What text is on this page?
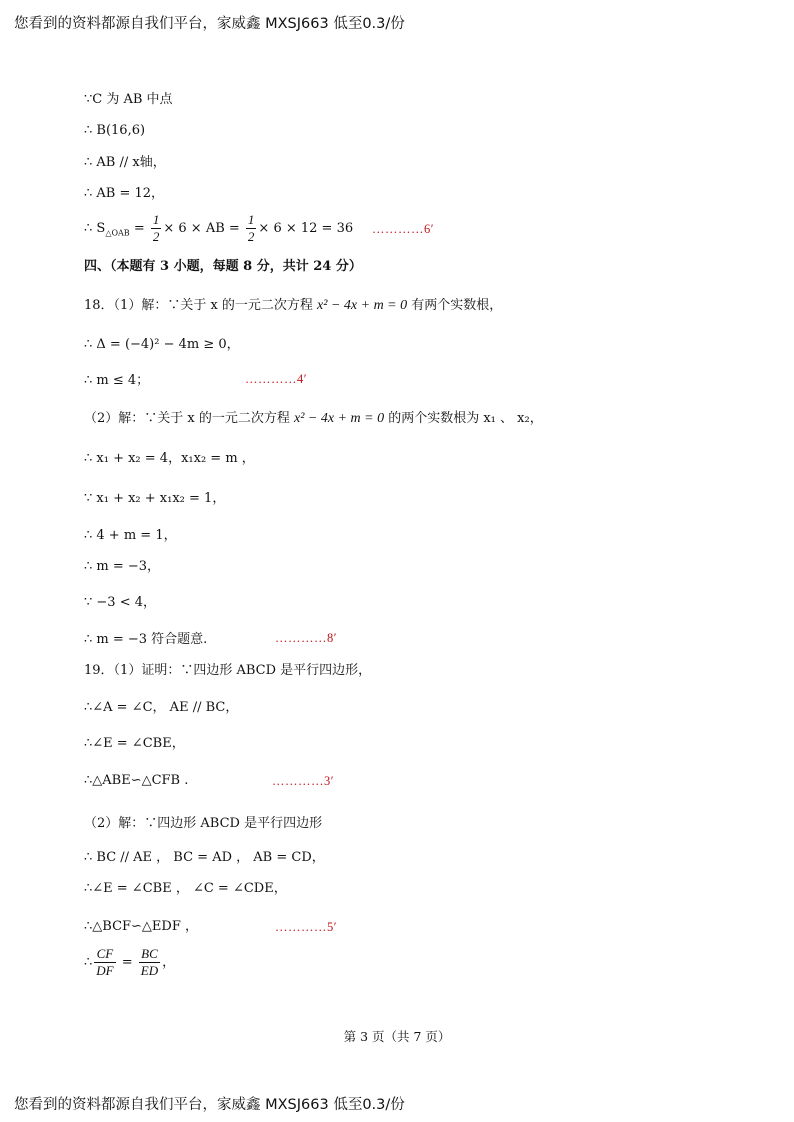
您看到的资料都源自我们平台，家威鑫 MXSJ663 低至0.3/份
∵C 为 AB 中点
∴ B(16,6)
∴ AB // x轴，
∴ AB = 12，
∴ $S_{\triangle OAB} = \frac{1}{2} \times 6$ × AB = $\frac{1}{2} \times 6 \times 12 = 36$ …………6′
四、（本题有 3 小题，每题 8 分，共计 24 分）
18．（1）解：∵关于 x 的一元二次方程 x² − 4x + m = 0 有两个实数根，
∴ Δ = (−4)² − 4m ≥ 0，
∴ m ≤ 4；	…………4′
（2）解：∵关于 x 的一元二次方程 x² − 4x + m = 0 的两个实数根为 x₁ 、 x₂，
∴ x₁ + x₂ = 4，x₁x₂ = m ，
∵ x₁ + x₂ + x₁x₂ = 1，
∴ 4 + m = 1，
∴ m = −3，
∵ −3 < 4，
∴ m = −3 符合题意.	…………8′
19．（1）证明：∵四边形 ABCD 是平行四边形，
∴∠A = ∠C， AE // BC，
∴∠E = ∠CBE，
∴△ABE∽△CFB .	…………3′
（2）解：∵四边形 ABCD 是平行四边形
∴ BC // AE ， BC = AD ， AB = CD，
∴∠E = ∠CBE ， ∠C = ∠CDE，
∴△BCF∽△EDF ，	…………5′
∴ $\frac{CF}{DF} = \frac{BC}{ED}$ ，
第 3 页（共 7 页）
您看到的资料都源自我们平台，家威鑫 MXSJ663 低至0.3/份
